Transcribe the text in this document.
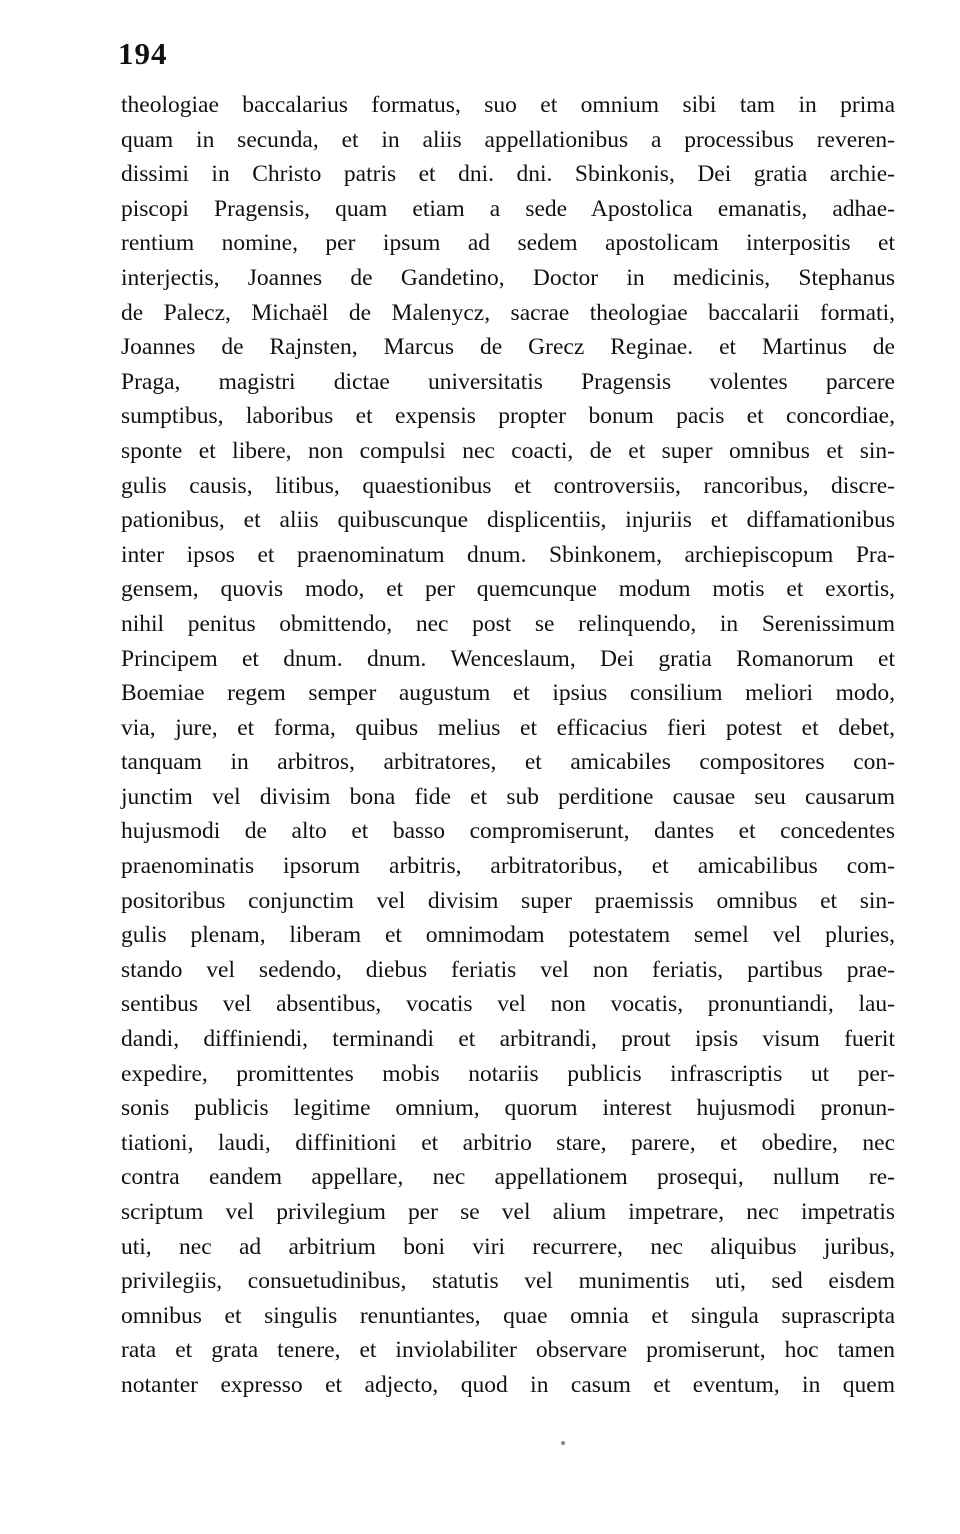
194
theologiae baccalarius formatus, suo et omnium sibi tam in prima
quam in secunda, et in aliis appellationibus a processibus reveren-
dissimi in Christo patris et dni. dni. Sbinkonis, Dei gratia archie-
piscopi Pragensis, quam etiam a sede Apostolica emanatis, adhae-
rentium nomine, per ipsum ad sedem apostolicam interpositis et
interjectis, Joannes de Gandetino, Doctor in medicinis, Stephanus
de Palecz, Michaël de Malenycz, sacrae theologiae baccalarii formati,
Joannes de Rajnsten, Marcus de Grecz Reginae. et Martinus de
Praga, magistri dictae universitatis Pragensis volentes parcere
sumptibus, laboribus et expensis propter bonum pacis et concordiae,
sponte et libere, non compulsi nec coacti, de et super omnibus et sin-
gulis causis, litibus, quaestionibus et controversiis, rancoribus, discre-
pationibus, et aliis quibuscunque displicentiis, injuriis et diffamationibus
inter ipsos et praenominatum dnum. Sbinkonem, archiepiscopum Pra-
gensem, quovis modo, et per quemcunque modum motis et exortis,
nihil penitus obmittendo, nec post se relinquendo, in Serenissimum
Principem et dnum. dnum. Wenceslaum, Dei gratia Romanorum et
Boemiae regem semper augustum et ipsius consilium meliori modo,
via, jure, et forma, quibus melius et efficacius fieri potest et debet,
tanquam in arbitros, arbitratores, et amicabiles compositores con-
junctim vel divisim bona fide et sub perditione causae seu causarum
hujusmodi de alto et basso compromiserunt, dantes et concedentes
praenominatis ipsorum arbitris, arbitratoribus, et amicabilibus com-
positoribus conjunctim vel divisim super praemissis omnibus et sin-
gulis plenam, liberam et omnimodam potestatem semel vel pluries,
stando vel sedendo, diebus feriatis vel non feriatis, partibus prae-
sentibus vel absentibus, vocatis vel non vocatis, pronuntiandi, lau-
dandi, diffiniendi, terminandi et arbitrandi, prout ipsis visum fuerit
expedire, promittentes mobis notariis publicis infrascriptis ut per-
sonis publicis legitime omnium, quorum interest hujusmodi pronun-
tiationi, laudi, diffinitioni et arbitrio stare, parere, et obedire, nec
contra eandem appellare, nec appellationem prosequi, nullum re-
scriptum vel privilegium per se vel alium impetrare, nec impetratis
uti, nec ad arbitrium boni viri recurrere, nec aliquibus juribus,
privilegiis, consuetudinibus, statutis vel munimentis uti, sed eisdem
omnibus et singulis renuntiantes, quae omnia et singula suprascripta
rata et grata tenere, et inviolabiliter observare promiserunt, hoc tamen
notanter expresso et adjecto, quod in casum et eventum, in quem
